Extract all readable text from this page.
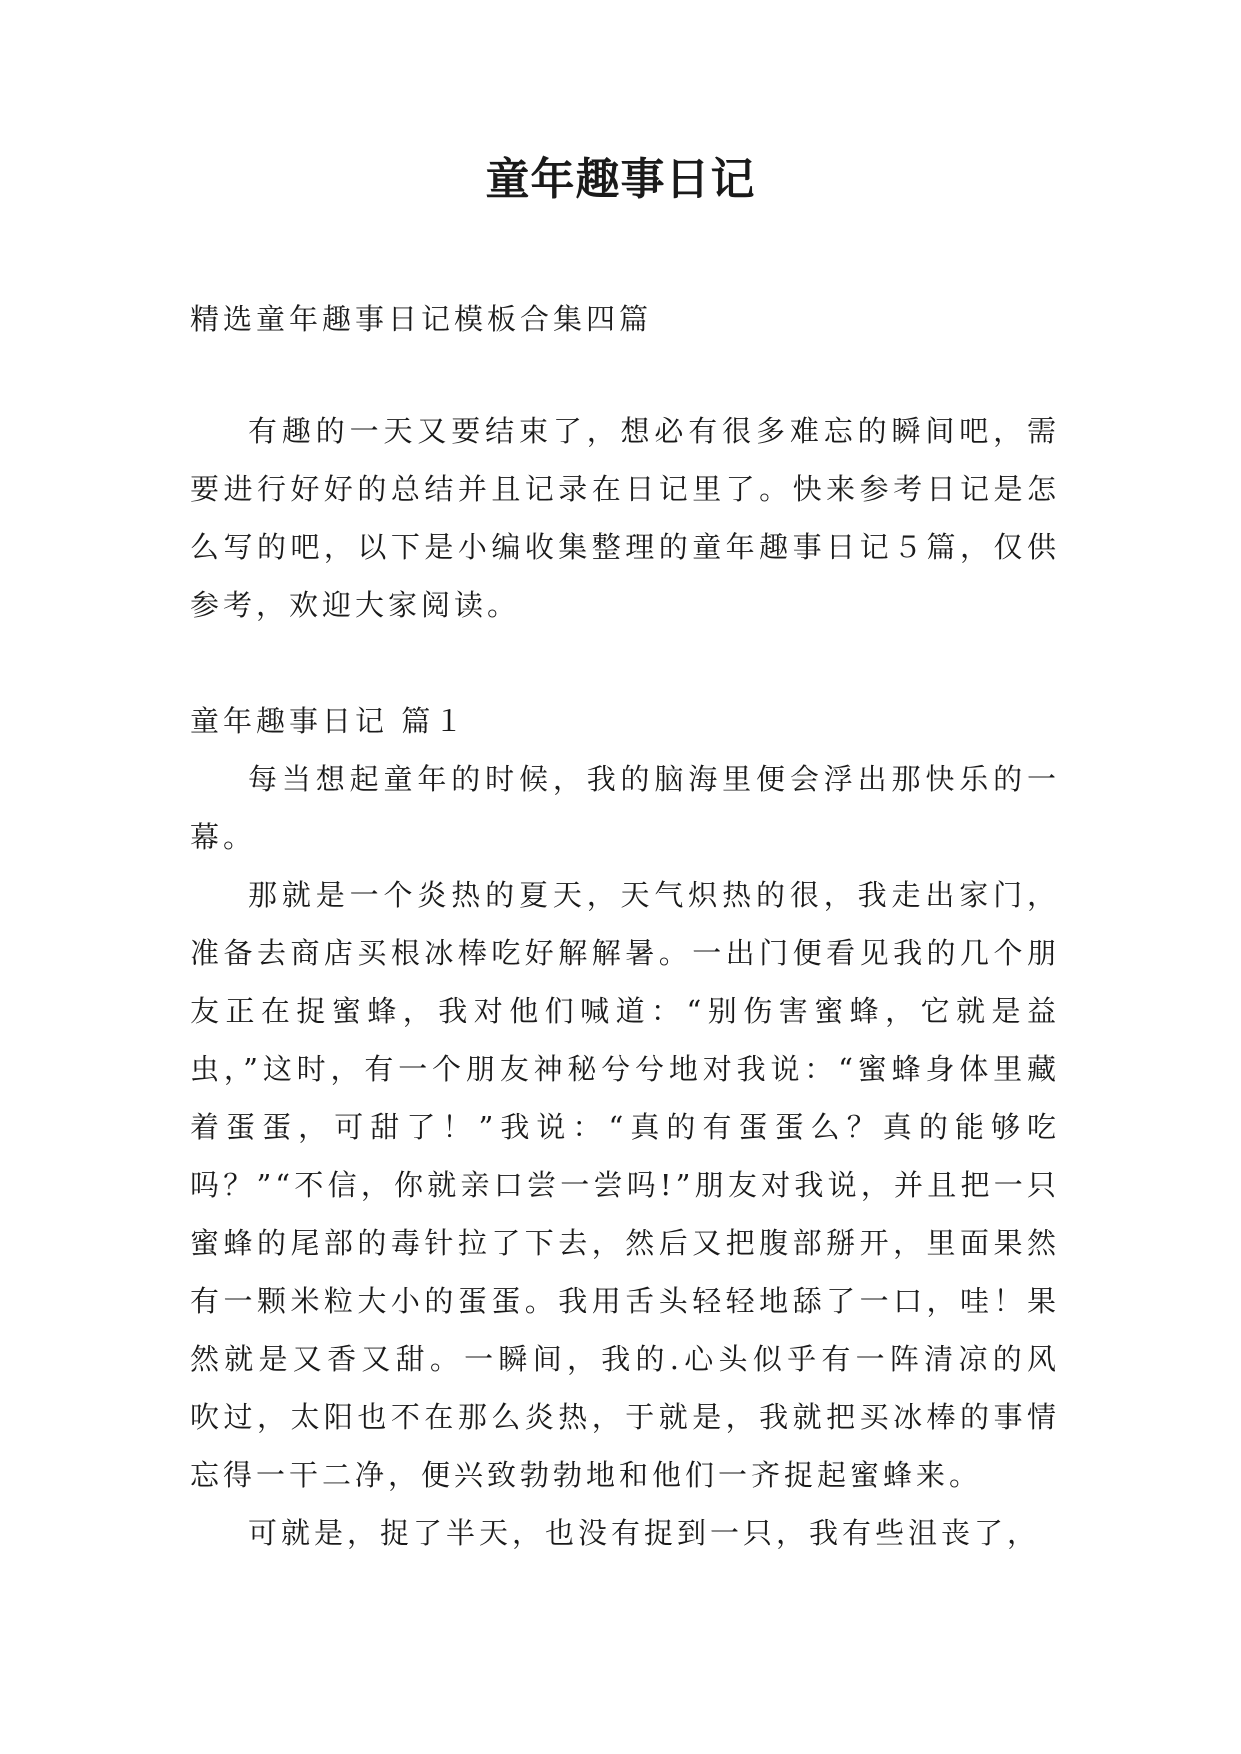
童年趣事日记

精选童年趣事日记模板合集四篇

有趣的一天又要结束了，想必有很多难忘的瞬间吧，需要进行好好的总结并且记录在日记里了。快来参考日记是怎么写的吧，以下是小编收集整理的童年趣事日记５篇，仅供参考，欢迎大家阅读。

童年趣事日记 篇１

每当想起童年的时候，我的脑海里便会浮出那快乐的一幕。

那就是一个炎热的夏天，天气炽热的很，我走出家门，准备去商店买根冰棒吃好解解暑。一出门便看见我的几个朋友正在捉蜜蜂，我对他们喊道：“别伤害蜜蜂，它就是益虫，”这时，有一个朋友神秘兮兮地对我说：“蜜蜂身体里藏着蛋蛋，可甜了！”我说：“真的有蛋蛋么？真的能够吃吗？”“不信，你就亲口尝一尝吗!”朋友对我说，并且把一只蜜蜂的尾部的毒针拉了下去，然后又把腹部掰开，里面果然有一颗米粒大小的蛋蛋。我用舌头轻轻地舔了一口，哇！果然就是又香又甜。一瞬间，我的.心头似乎有一阵清凉的风吹过，太阳也不在那么炎热，于就是，我就把买冰棒的事情忘得一干二净，便兴致勃勃地和他们一齐捉起蜜蜂来。

可就是，捉了半天，也没有捉到一只，我有些沮丧了，
